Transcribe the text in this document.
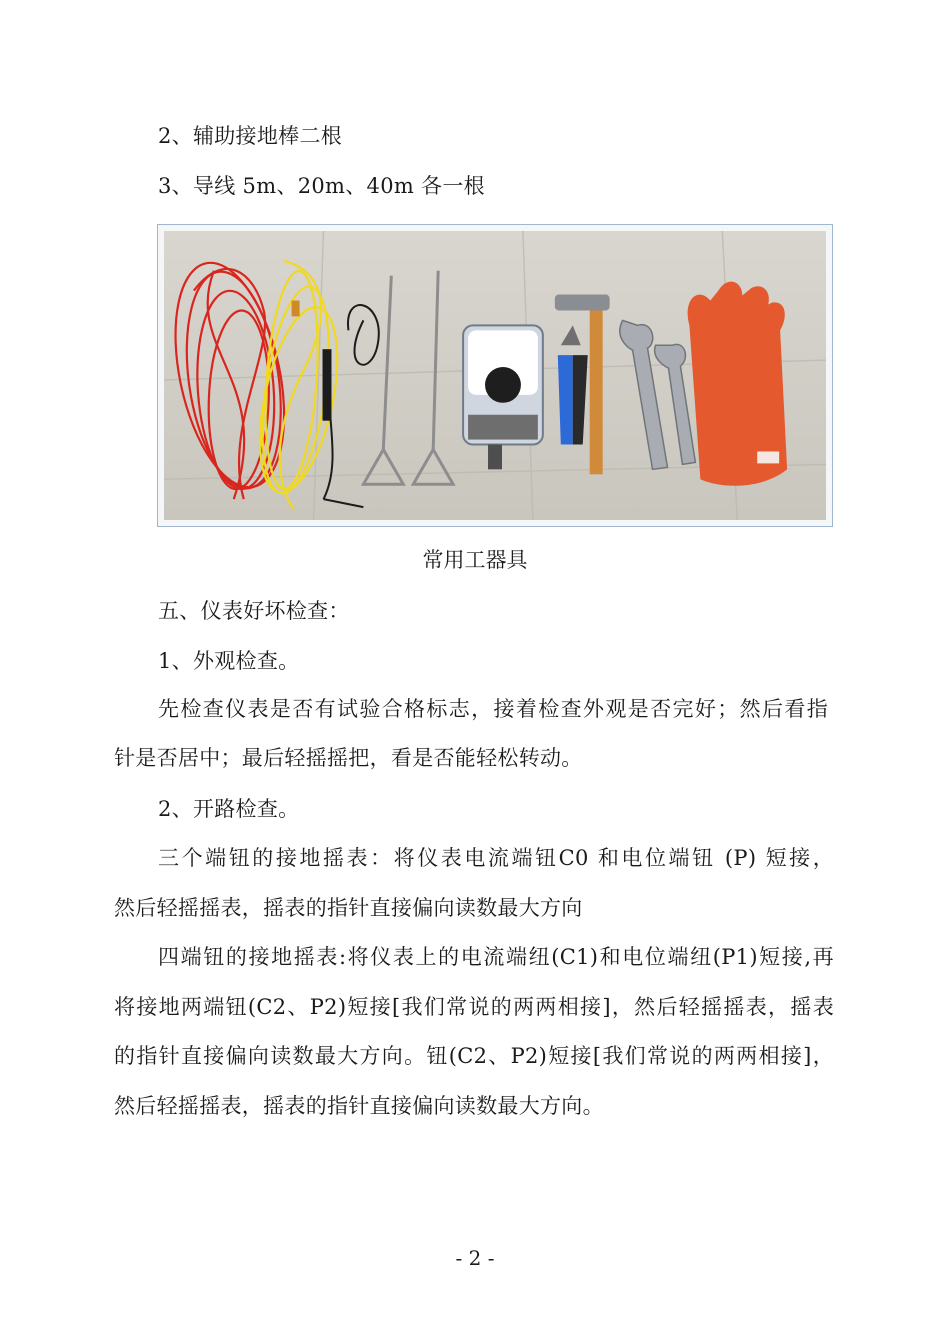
2、辅助接地棒二根
3、导线 5m、20m、40m 各一根
常用工器具
五、仪表好坏检查：
1、外观检查。
先检查仪表是否有试验合格标志，接着检查外观是否完好；然后看指
针是否居中；最后轻摇摇把，看是否能轻松转动。
2、开路检查。
三个端钮的接地摇表：将仪表电流端钮C0 和电位端钮 (P) 短接，
然后轻摇摇表，摇表的指针直接偏向读数最大方向
四端钮的接地摇表:将仪表上的电流端纽(C1)和电位端纽(P1)短接,再
将接地两端钮(C2、P2)短接[我们常说的两两相接]，然后轻摇摇表，摇表
的指针直接偏向读数最大方向。钮(C2、P2)短接[我们常说的两两相接]，
然后轻摇摇表，摇表的指针直接偏向读数最大方向。
- 2 -
